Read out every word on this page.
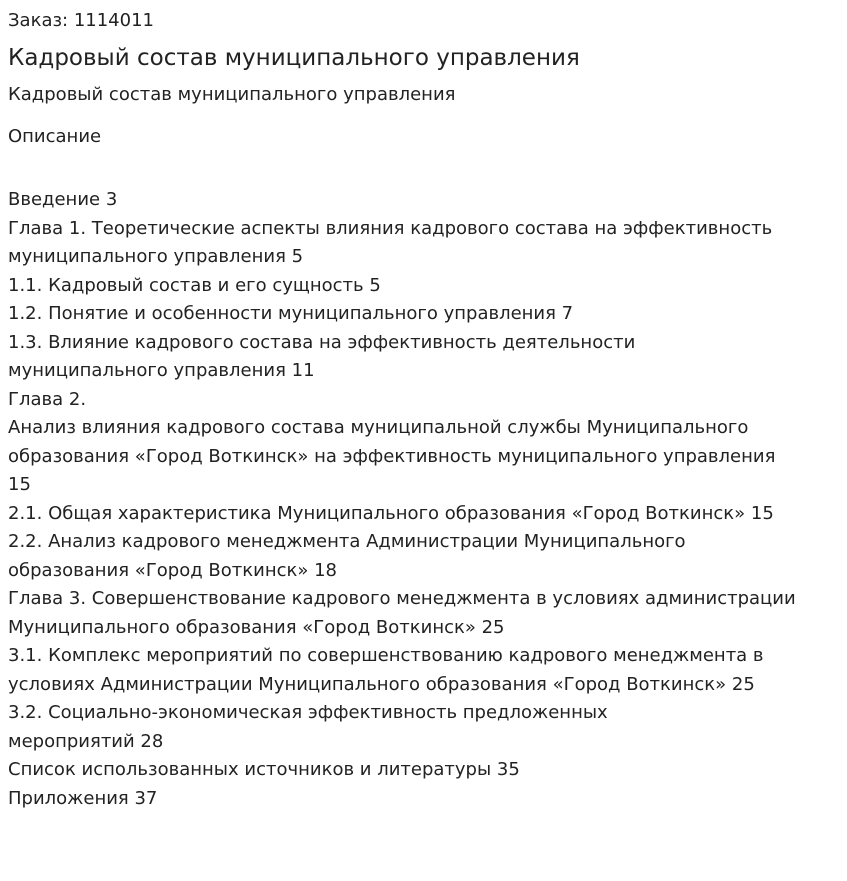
Заказ: 1114011

Кадровый состав муниципального управления

Кадровый состав муниципального управления

Описание

Введение 3
Глава 1. Теоретические аспекты влияния кадрового состава на эффективность
муниципального управления 5
1.1. Кадровый состав и его сущность 5
1.2. Понятие и особенности муниципального управления 7
1.3. Влияние кадрового состава на эффективность деятельности
муниципального управления 11
Глава 2.
Анализ влияния кадрового состава муниципальной службы Муниципального
образования «Город Воткинск» на эффективность муниципального управления
15
2.1. Общая характеристика Муниципального образования «Город Воткинск» 15
2.2. Анализ кадрового менеджмента Администрации Муниципального
образования «Город Воткинск» 18
Глава 3. Совершенствование кадрового менеджмента в условиях администрации
Муниципального образования «Город Воткинск» 25
3.1. Комплекс мероприятий по совершенствованию кадрового менеджмента в
условиях Администрации Муниципального образования «Город Воткинск» 25
3.2. Социально-экономическая эффективность предложенных
мероприятий 28
Список использованных источников и литературы 35
Приложения 37
